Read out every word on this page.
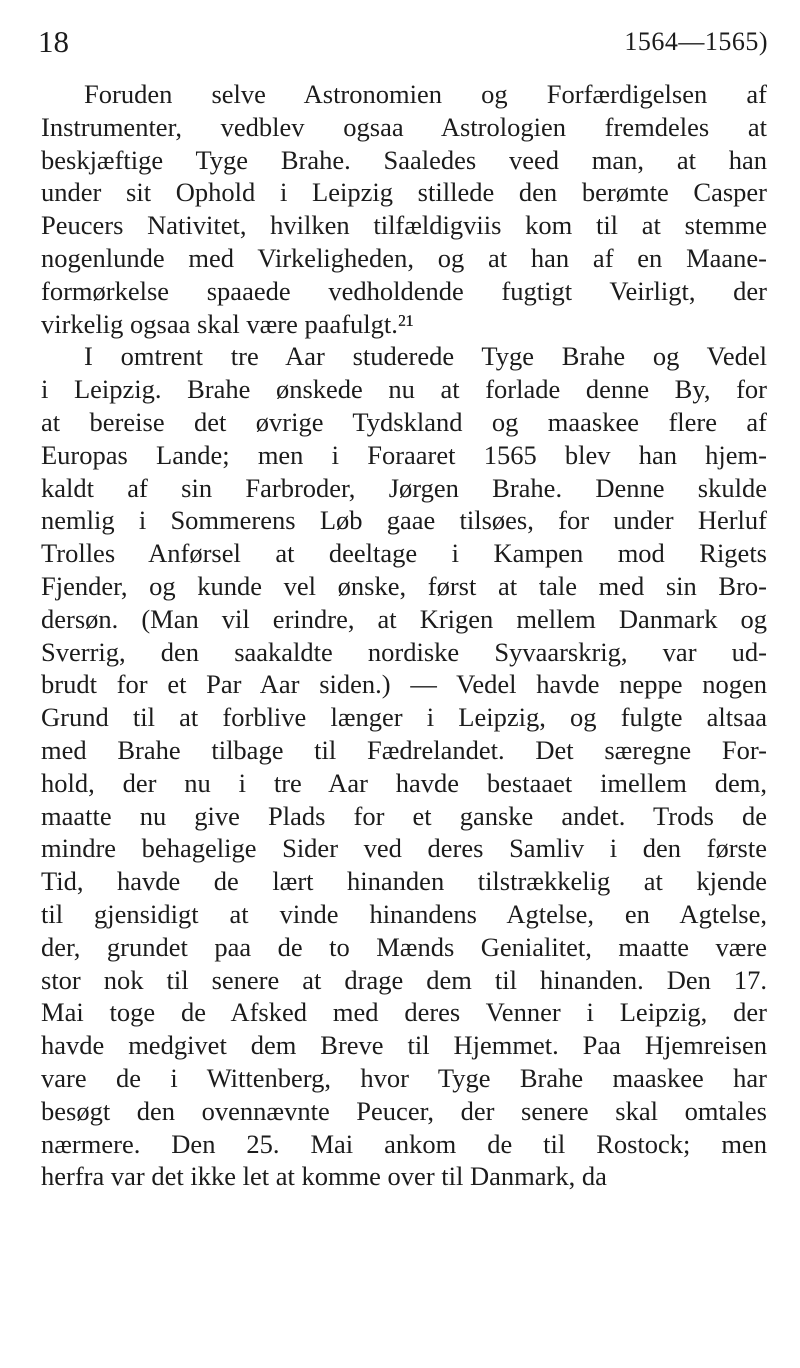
18	1564—1565)
Foruden selve Astronomien og Forfærdigelsen af
Instrumenter, vedblev ogsaa Astrologien fremdeles at
beskjæftige Tyge Brahe. Saaledes veed man, at han
under sit Ophold i Leipzig stillede den berømte Casper
Peucers Nativitet, hvilken tilfældigviis kom til at stemme
nogenlunde med Virkeligheden, og at han af en Maane-
formørkelse spaaede vedholdende fugtigt Veirligt, der
virkelig ogsaa skal være paafulgt.²¹
I omtrent tre Aar studerede Tyge Brahe og Vedel
i Leipzig. Brahe ønskede nu at forlade denne By, for
at bereise det øvrige Tydskland og maaskee flere af
Europas Lande; men i Foraaret 1565 blev han hjem-
kaldt af sin Farbroder, Jørgen Brahe. Denne skulde
nemlig i Sommerens Løb gaae tilsøes, for under Herluf
Trolles Anførsel at deeltage i Kampen mod Rigets
Fjender, og kunde vel ønske, først at tale med sin Bro-
dersøn. (Man vil erindre, at Krigen mellem Danmark og
Sverrig, den saakaldte nordiske Syvaarskrig, var ud-
brudt for et Par Aar siden.) — Vedel havde neppe nogen
Grund til at forblive længer i Leipzig, og fulgte altsaa
med Brahe tilbage til Fædrelandet. Det særegne For-
hold, der nu i tre Aar havde bestaaet imellem dem,
maatte nu give Plads for et ganske andet. Trods de
mindre behagelige Sider ved deres Samliv i den første
Tid, havde de lært hinanden tilstrækkelig at kjende
til gjensidigt at vinde hinandens Agtelse, en Agtelse,
der, grundet paa de to Mænds Genialitet, maatte være
stor nok til senere at drage dem til hinanden. Den 17.
Mai toge de Afsked med deres Venner i Leipzig, der
havde medgivet dem Breve til Hjemmet. Paa Hjemreisen
vare de i Wittenberg, hvor Tyge Brahe maaskee har
besøgt den ovennævnte Peucer, der senere skal omtales
nærmere. Den 25. Mai ankom de til Rostock; men
herfra var det ikke let at komme over til Danmark, da
